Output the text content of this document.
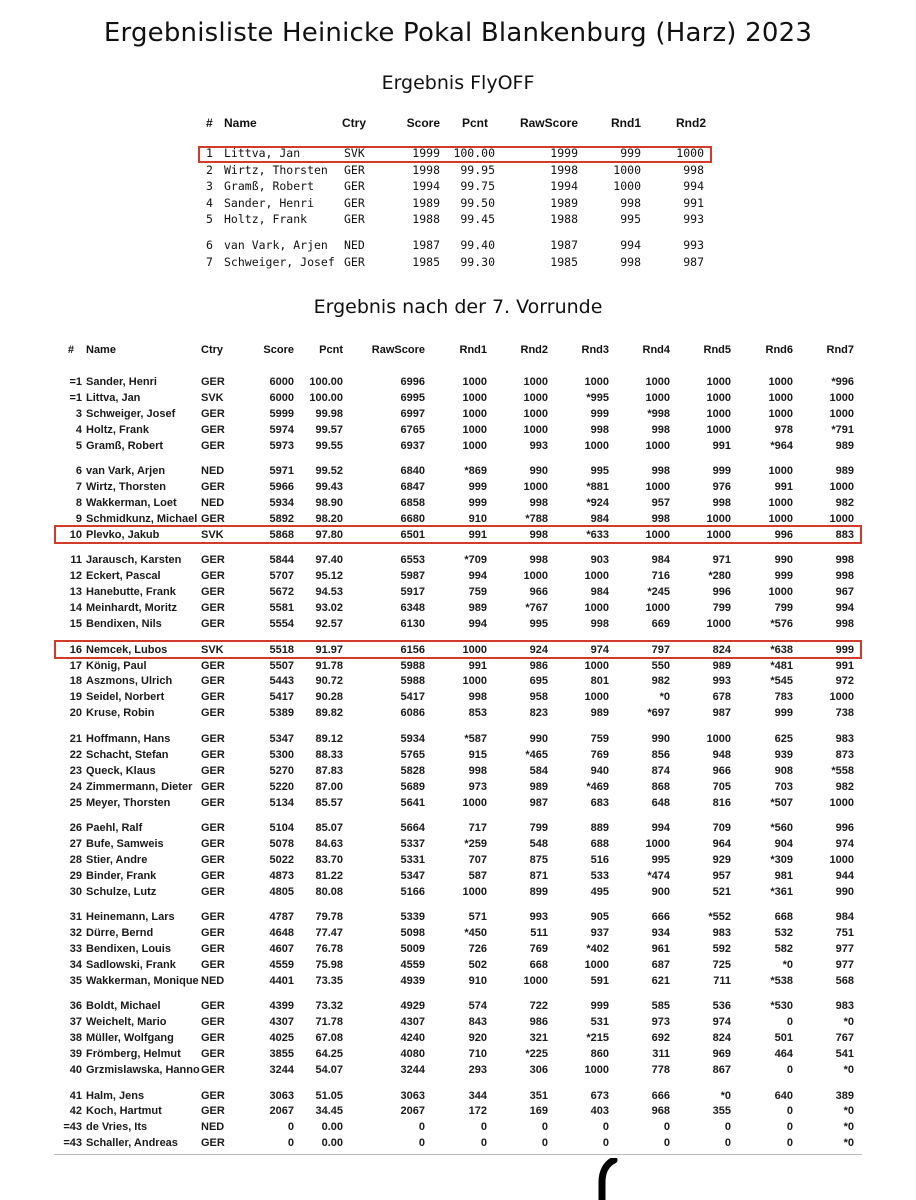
Ergebnisliste Heinicke Pokal Blankenburg (Harz) 2023
Ergebnis FlyOFF
# Name	Ctry	Score Pcnt	RawScore	Rnd1	Rnd2
1 Littva, Jan	SVK	1999 100.00	1999	999	1000
2 Wirtz, Thorsten GER	1998 99.95	1998	1000	998
3 Gramß, Robert	GER	1994 99.75	1994	1000	994
4 Sander, Henri	GER	1989 99.50	1989	998	991
5 Holtz, Frank	GER	1988 99.45	1988	995	993
6 van Vark, Arjen NED	1987 99.40	1987	994	993
7 Schweiger, Josef GER	1985 99.30	1985	998	987
Ergebnis nach der 7. Vorrunde
# Name	Ctry	Score Pcnt	RawScore	Rnd1	Rnd2	Rnd3	Rnd4	Rnd5	Rnd6	Rnd7
=1 Sander, Henri	GER	6000 100.00	6996	1000	1000	1000	1000	1000	1000	*996
=1 Littva, Jan	SVK	6000 100.00	6995	1000	1000	*995	1000	1000	1000	1000
3 Schweiger, Josef GER	5999 99.98	6997	1000	1000	999	*998	1000	1000	1000
4 Holtz, Frank	GER	5974 99.57	6765	1000	1000	998	998	1000	978	*791
5 Gramß, Robert	GER	5973 99.55	6937	1000	993	1000	1000	991	*964	989
6 van Vark, Arjen	NED	5971 99.52	6840	*869	990	995	998	999	1000	989
7 Wirtz, Thorsten	GER	5966 99.43	6847	999	1000	*881	1000	976	991	1000
8 Wakkerman, Loet NED	5934 98.90	6858	999	998	*924	957	998	1000	982
9 Schmidkunz, Michael GER	5892 98.20	6680	910	*788	984	998	1000	1000	1000
10 Plevko, Jakub	SVK	5868 97.80	6501	991	998	*633	1000	1000	996	883
11 Jarausch, Karsten GER	5844 97.40	6553	*709	998	903	984	971	990	998
12 Eckert, Pascal	GER	5707 95.12	5987	994	1000	1000	716	*280	999	998
13 Hanebutte, Frank GER	5672 94.53	5917	759	966	984	*245	996	1000	967
14 Meinhardt, Moritz GER	5581 93.02	6348	989	*767	1000	1000	799	799	994
15 Bendixen, Nils	GER	5554 92.57	6130	994	995	998	669	1000	*576	998
16 Nemcek, Lubos	SVK	5518 91.97	6156	1000	924	974	797	824	*638	999
17 König, Paul	GER	5507 91.78	5988	991	986	1000	550	989	*481	991
18 Aszmons, Ulrich	GER	5443 90.72	5988	1000	695	801	982	993	*545	972
19 Seidel, Norbert	GER	5417 90.28	5417	998	958	1000	*0	678	783	1000
20 Kruse, Robin	GER	5389 89.82	6086	853	823	989	*697	987	999	738
21 Hoffmann, Hans	GER	5347 89.12	5934	*587	990	759	990	1000	625	983
22 Schacht, Stefan	GER	5300 88.33	5765	915	*465	769	856	948	939	873
23 Queck, Klaus	GER	5270 87.83	5828	998	584	940	874	966	908	*558
24 Zimmermann, Dieter GER	5220 87.00	5689	973	989	*469	868	705	703	982
25 Meyer, Thorsten	GER	5134 85.57	5641	1000	987	683	648	816	*507	1000
26 Paehl, Ralf	GER	5104 85.07	5664	717	799	889	994	709	*560	996
27 Bufe, Samweis	GER	5078 84.63	5337	*259	548	688	1000	964	904	974
28 Stier, Andre	GER	5022 83.70	5331	707	875	516	995	929	*309	1000
29 Binder, Frank	GER	4873 81.22	5347	587	871	533	*474	957	981	944
30 Schulze, Lutz	GER	4805 80.08	5166	1000	899	495	900	521	*361	990
31 Heinemann, Lars GER	4787 79.78	5339	571	993	905	666	*552	668	984
32 Dürre, Bernd	GER	4648 77.47	5098	*450	511	937	934	983	532	751
33 Bendixen, Louis	GER	4607 76.78	5009	726	769	*402	961	592	582	977
34 Sadlowski, Frank GER	4559 75.98	4559	502	668	1000	687	725	*0	977
35 Wakkerman, Monique NED	4401 73.35	4939	910	1000	591	621	711	*538	568
36 Boldt, Michael	GER	4399 73.32	4929	574	722	999	585	536	*530	983
37 Weichelt, Mario	GER	4307 71.78	4307	843	986	531	973	974	0	*0
38 Müller, Wolfgang GER	4025 67.08	4240	920	321	*215	692	824	501	767
39 Frömberg, Helmut GER	3855 64.25	4080	710	*225	860	311	969	464	541
40 Grzmislawska, Hanno GER	3244 54.07	3244	293	306	1000	778	867	0	*0
41 Halm, Jens	GER	3063 51.05	3063	344	351	673	666	*0	640	389
42 Koch, Hartmut	GER	2067 34.45	2067	172	169	403	968	355	0	*0
=43 de Vries, Its	NED	0	0.00	0	0	0	0	0	0	0	*0
=43 Schaller, Andreas GER	0	0.00	0	0	0	0	0	0	0	*0
